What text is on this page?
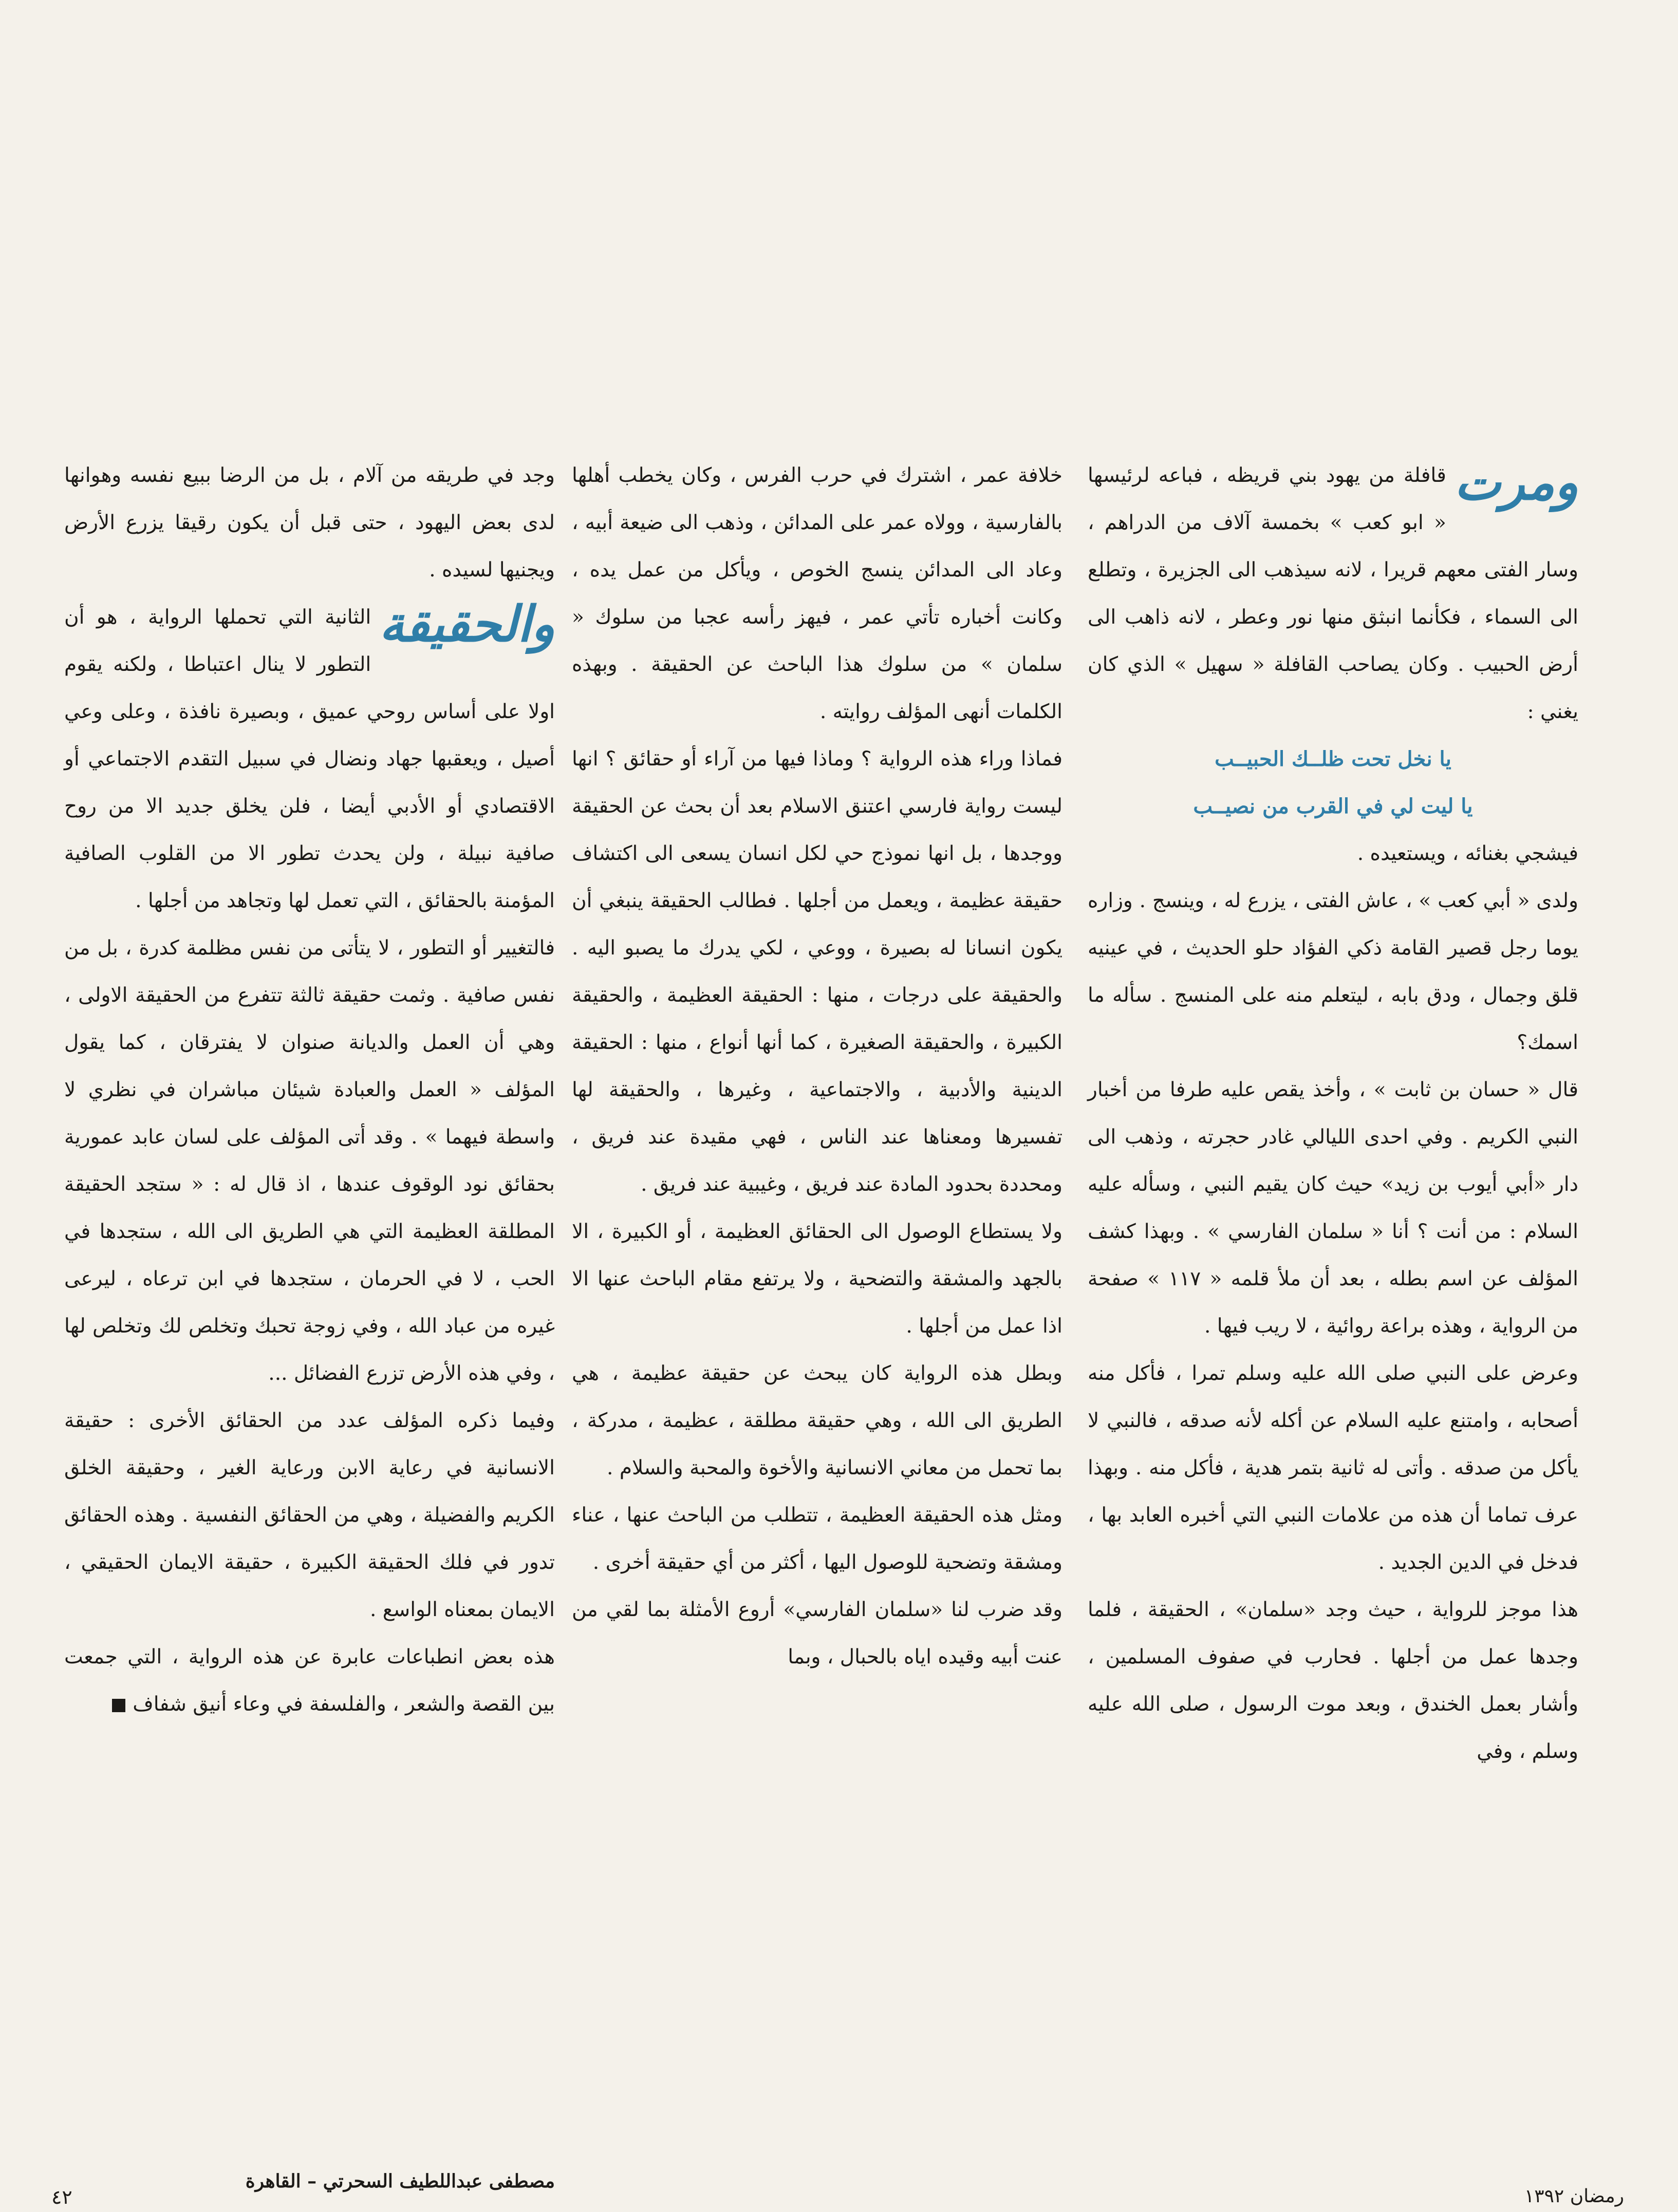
ومرت
قافلة من يهود بني قريظه ، فباعه لرئيسها « ابو كعب » بخمسة آلاف من الدراهم ، وسار الفتى معهم قريرا ، لانه سيذهب الى الجزيرة ، وتطلع الى السماء ، فكأنما انبثق منها نور وعطر ، لانه ذاهب الى أرض الحبيب . وكان يصاحب القافلة « سهيل » الذي كان يغني :

يا نخل تحت ظلــك الحبيــب

يا ليت لي في القرب من نصيــب

فيشجي بغنائه ، ويستعيده .

ولدى « أبي كعب » ، عاش الفتى ، يزرع له ، وينسج . وزاره يوما رجل قصير القامة ذكي الفؤاد حلو الحديث ، في عينيه قلق وجمال ، ودق بابه ، ليتعلم منه على المنسج . سأله ما اسمك؟

قال « حسان بن ثابت » ، وأخذ يقص عليه طرفا من أخبار النبي الكريم . وفي احدى الليالي غادر حجرته ، وذهب الى دار «أبي أيوب بن زيد» حيث كان يقيم النبي ، وسأله عليه السلام : من أنت ؟ أنا « سلمان الفارسي » . وبهذا كشف المؤلف عن اسم بطله ، بعد أن ملأ قلمه « ١١٧ » صفحة من الرواية ، وهذه براعة روائية ، لا ريب فيها .

وعرض على النبي صلى الله عليه وسلم تمرا ، فأكل منه أصحابه ، وامتنع عليه السلام عن أكله لأنه صدقه ، فالنبي لا يأكل من صدقه . وأتى له ثانية بتمر هدية ، فأكل منه . وبهذا عرف تماما أن هذه من علامات النبي التي أخبره العابد بها ، فدخل في الدين الجديد .

هذا موجز للرواية ، حيث وجد «سلمان» ، الحقيقة ، فلما وجدها عمل من أجلها . فحارب في صفوف المسلمين ، وأشار بعمل الخندق ، وبعد موت الرسول ، صلى الله عليه وسلم ، وفي

خلافة عمر ، اشترك في حرب الفرس ، وكان يخطب أهلها بالفارسية ، وولاه عمر على المدائن ، وذهب الى ضيعة أبيه ، وعاد الى المدائن ينسج الخوص ، ويأكل من عمل يده ، وكانت أخباره تأتي عمر ، فيهز رأسه عجبا من سلوك « سلمان » من سلوك هذا الباحث عن الحقيقة . وبهذه الكلمات أنهى المؤلف روايته .

فماذا وراء هذه الرواية ؟ وماذا فيها من آراء أو حقائق ؟ انها ليست رواية فارسي اعتنق الاسلام بعد أن بحث عن الحقيقة ووجدها ، بل انها نموذج حي لكل انسان يسعى الى اكتشاف حقيقة عظيمة ، ويعمل من أجلها . فطالب الحقيقة ينبغي أن يكون انسانا له بصيرة ، ووعي ، لكي يدرك ما يصبو اليه . والحقيقة على درجات ، منها : الحقيقة العظيمة ، والحقيقة الكبيرة ، والحقيقة الصغيرة ، كما أنها أنواع ، منها : الحقيقة الدينية والأدبية ، والاجتماعية ، وغيرها ، والحقيقة لها تفسيرها ومعناها عند الناس ، فهي مقيدة عند فريق ، ومحددة بحدود المادة عند فريق ، وغيبية عند فريق .

ولا يستطاع الوصول الى الحقائق العظيمة ، أو الكبيرة ، الا بالجهد والمشقة والتضحية ، ولا يرتفع مقام الباحث عنها الا اذا عمل من أجلها .

وبطل هذه الرواية كان يبحث عن حقيقة عظيمة ، هي الطريق الى الله ، وهي حقيقة مطلقة ، عظيمة ، مدركة ، بما تحمل من معاني الانسانية والأخوة والمحبة والسلام .

ومثل هذه الحقيقة العظيمة ، تتطلب من الباحث عنها ، عناء ومشقة وتضحية للوصول اليها ، أكثر من أي حقيقة أخرى .

وقد ضرب لنا «سلمان الفارسي» أروع الأمثلة بما لقي من عنت أبيه وقيده اياه بالحبال ، وبما

وجد في طريقه من آلام ، بل من الرضا ببيع نفسه وهوانها لدى بعض اليهود ، حتى قبل أن يكون رقيقا يزرع الأرض ويجنيها لسيده .

والحقيقة
الثانية التي تحملها الرواية ، هو أن التطور لا ينال اعتباطا ، ولكنه يقوم اولا على أساس روحي عميق ، وبصيرة نافذة ، وعلى وعي أصيل ، ويعقبها جهاد ونضال في سبيل التقدم الاجتماعي أو الاقتصادي أو الأدبي أيضا ، فلن يخلق جديد الا من روح صافية نبيلة ، ولن يحدث تطور الا من القلوب الصافية المؤمنة بالحقائق ، التي تعمل لها وتجاهد من أجلها .

فالتغيير أو التطور ، لا يتأتى من نفس مظلمة كدرة ، بل من نفس صافية . وثمت حقيقة ثالثة تتفرع من الحقيقة الاولى ، وهي أن العمل والديانة صنوان لا يفترقان ، كما يقول المؤلف « العمل والعبادة شيئان مباشران في نظري لا واسطة فيهما » . وقد أتى المؤلف على لسان عابد عمورية بحقائق نود الوقوف عندها ، اذ قال له : « ستجد الحقيقة المطلقة العظيمة التي هي الطريق الى الله ، ستجدها في الحب ، لا في الحرمان ، ستجدها في ابن ترعاه ، ليرعى غيره من عباد الله ، وفي زوجة تحبك وتخلص لك وتخلص لها ، وفي هذه الأرض تزرع الفضائل ...

وفيما ذكره المؤلف عدد من الحقائق الأخرى : حقيقة الانسانية في رعاية الابن ورعاية الغير ، وحقيقة الخلق الكريم والفضيلة ، وهي من الحقائق النفسية . وهذه الحقائق تدور في فلك الحقيقة الكبيرة ، حقيقة الايمان الحقيقي ، الايمان بمعناه الواسع .

هذه بعض انطباعات عابرة عن هذه الرواية ، التي جمعت بين القصة والشعر ، والفلسفة في وعاء أنيق شفاف

مصطفى عبداللطيف السحرتي – القاهرة
٤٢	رمضان ١٣٩٢
